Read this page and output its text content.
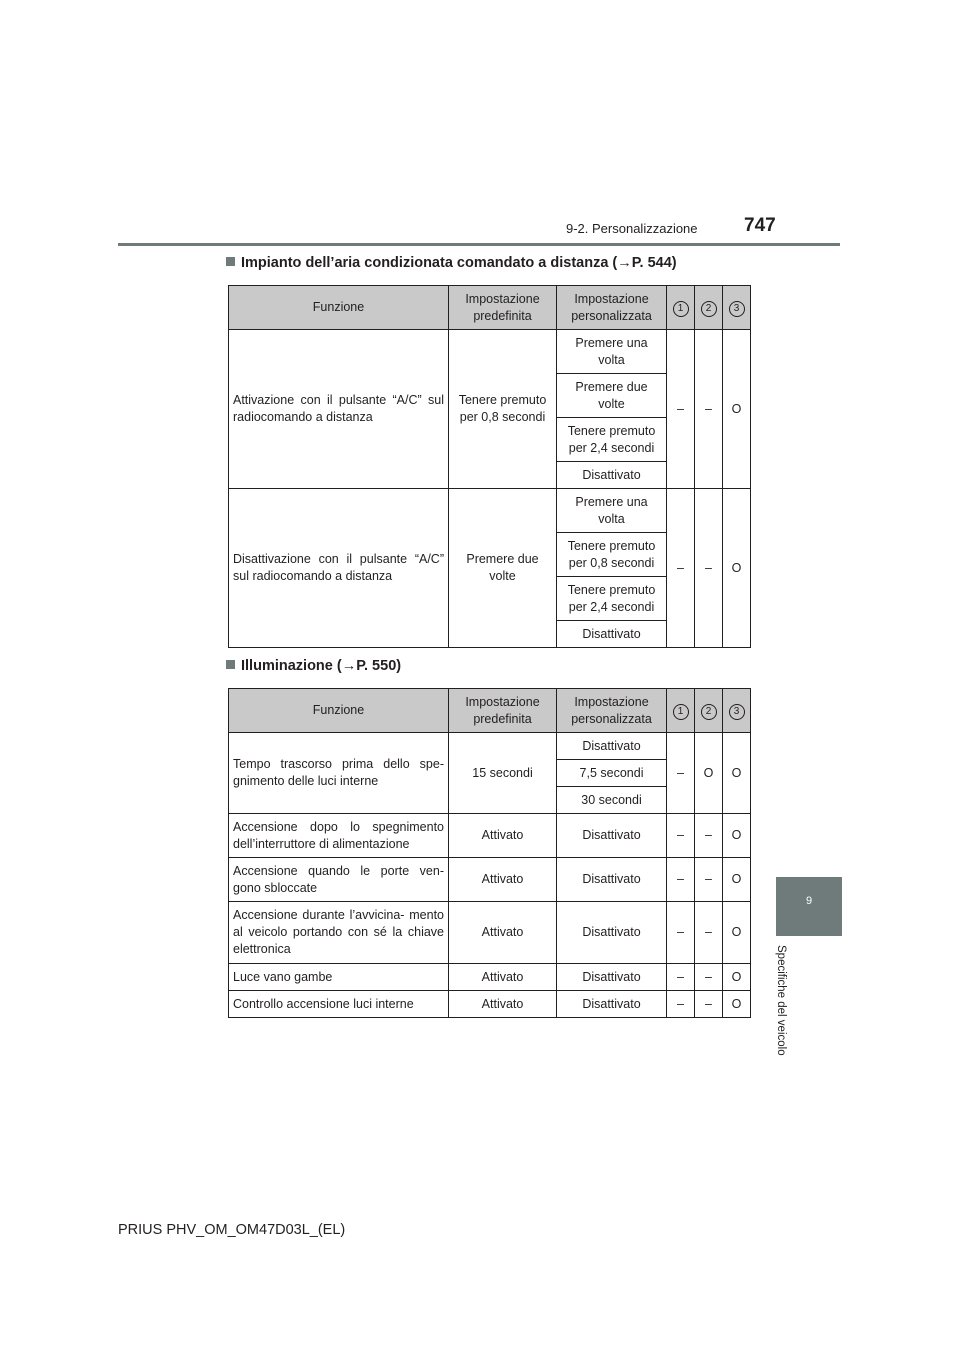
9-2. Personalizzazione 747
9
Specifiche del veicolo
Impianto dell’aria condizionata comandato a distanza (→P. 544)
Funzione	Impostazione predefinita	Impostazione personalizzata	1	2	3
Attivazione con il pulsante “A/C” sul radiocomando a distanza	Tenere premuto per 0,8 secondi	Premere una volta	–	–	O
		Premere due volte			
		Tenere premuto per 2,4 secondi			
		Disattivato			
Disattivazione con il pulsante “A/C” sul radiocomando a distanza	Premere due volte	Premere una volta	–	–	O
		Tenere premuto per 0,8 secondi			
		Tenere premuto per 2,4 secondi			
		Disattivato			
Illuminazione (→P. 550)
Funzione	Impostazione predefinita	Impostazione personalizzata	1	2	3
Tempo trascorso prima dello spe- gnimento delle luci interne	15 secondi	Disattivato	–	O	O
		7,5 secondi			
		30 secondi			
Accensione dopo lo spegnimento dell’interruttore di alimentazione	Attivato	Disattivato	–	–	O
Accensione quando le porte ven- gono sbloccate	Attivato	Disattivato	–	–	O
Accensione durante l’avvicina- mento al veicolo portando con sé la chiave elettronica	Attivato	Disattivato	–	–	O
Luce vano gambe	Attivato	Disattivato	–	–	O
Controllo accensione luci interne	Attivato	Disattivato	–	–	O
PRIUS PHV_OM_OM47D03L_(EL)
